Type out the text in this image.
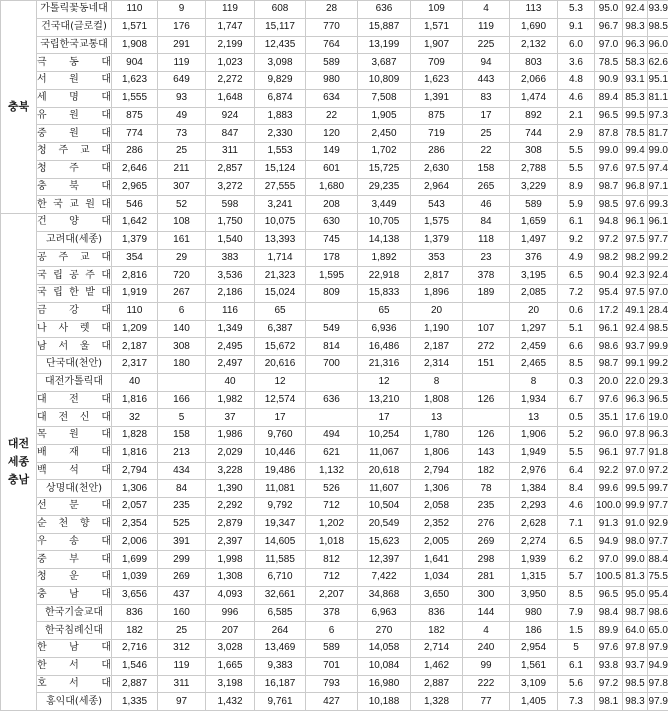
충북	가톨릭꽃동네대	110	9	119	608	28	636	109	4	113	5.3	95.0	92.4	93.9
	건국대(글로컬)	1,571	176	1,747	15,117	770	15,887	1,571	119	1,690	9.1	96.7	98.3	98.5
	국립한국교통대	1,908	291	2,199	12,435	764	13,199	1,907	225	2,132	6.0	97.0	96.3	96.0
	극 동 대	904	119	1,023	3,098	589	3,687	709	94	803	3.6	78.5	58.3	62.6
	서 원 대	1,623	649	2,272	9,829	980	10,809	1,623	443	2,066	4.8	90.9	93.1	95.1
	세 명 대	1,555	93	1,648	6,874	634	7,508	1,391	83	1,474	4.6	89.4	85.3	81.1
	유 원 대	875	49	924	1,883	22	1,905	875	17	892	2.1	96.5	99.5	97.3
	중 원 대	774	73	847	2,330	120	2,450	719	25	744	2.9	87.8	78.5	81.7
	청 주 교 대	286	25	311	1,553	149	1,702	286	22	308	5.5	99.0	99.4	99.0
	청 주 대	2,646	211	2,857	15,124	601	15,725	2,630	158	2,788	5.5	97.6	97.5	97.4
	충 북 대	2,965	307	3,272	27,555	1,680	29,235	2,964	265	3,229	8.9	98.7	96.8	97.1
	한 국 교 원 대	546	52	598	3,241	208	3,449	543	46	589	5.9	98.5	97.6	99.3

대전
세종
충남	건 양 대	1,642	108	1,750	10,075	630	10,705	1,575	84	1,659	6.1	94.8	96.1	96.1
	고려대(세종)	1,379	161	1,540	13,393	745	14,138	1,379	118	1,497	9.2	97.2	97.5	97.7
	공 주 교 대	354	29	383	1,714	178	1,892	353	23	376	4.9	98.2	98.2	99.2
	국 립 공 주 대	2,816	720	3,536	21,323	1,595	22,918	2,817	378	3,195	6.5	90.4	92.3	92.4
	국 립 한 밭 대	1,919	267	2,186	15,024	809	15,833	1,896	189	2,085	7.2	95.4	97.5	97.0
	금 강 대	110	6	116	65		65	20		20	0.6	17.2	49.1	28.4
	나 사 렛 대	1,209	140	1,349	6,387	549	6,936	1,190	107	1,297	5.1	96.1	92.4	98.5
	남 서 울 대	2,187	308	2,495	15,672	814	16,486	2,187	272	2,459	6.6	98.6	93.7	99.9
	단국대(천안)	2,317	180	2,497	20,616	700	21,316	2,314	151	2,465	8.5	98.7	99.1	99.2
	대전가톨릭대	40		40	12		12	8		8	0.3	20.0	22.0	29.3
	대 전 대	1,816	166	1,982	12,574	636	13,210	1,808	126	1,934	6.7	97.6	96.3	96.5
	대 전 신 대	32	5	37	17		17	13		13	0.5	35.1	17.6	19.0
	목 원 대	1,828	158	1,986	9,760	494	10,254	1,780	126	1,906	5.2	96.0	97.8	96.3
	배 재 대	1,816	213	2,029	10,446	621	11,067	1,806	143	1,949	5.5	96.1	97.7	91.8
	백 석 대	2,794	434	3,228	19,486	1,132	20,618	2,794	182	2,976	6.4	92.2	97.0	97.2
	상명대(천안)	1,306	84	1,390	11,081	526	11,607	1,306	78	1,384	8.4	99.6	99.5	99.7
	선 문 대	2,057	235	2,292	9,792	712	10,504	2,058	235	2,293	4.6	100.0	99.9	97.7
	순 천 향 대	2,354	525	2,879	19,347	1,202	20,549	2,352	276	2,628	7.1	91.3	91.0	92.9
	우 송 대	2,006	391	2,397	14,605	1,018	15,623	2,005	269	2,274	6.5	94.9	98.0	97.7
	중 부 대	1,699	299	1,998	11,585	812	12,397	1,641	298	1,939	6.2	97.0	99.0	88.4
	청 운 대	1,039	269	1,308	6,710	712	7,422	1,034	281	1,315	5.7	100.5	81.3	75.5
	충 남 대	3,656	437	4,093	32,661	2,207	34,868	3,650	300	3,950	8.5	96.5	95.0	95.4
	한국기술교대	836	160	996	6,585	378	6,963	836	144	980	7.9	98.4	98.7	98.6
	한국침례신대	182	25	207	264	6	270	182	4	186	1.5	89.9	64.0	65.0
	한 남 대	2,716	312	3,028	13,469	589	14,058	2,714	240	2,954	5	97.6	97.8	97.9
	한 서 대	1,546	119	1,665	9,383	701	10,084	1,462	99	1,561	6.1	93.8	93.7	94.9
	호 서 대	2,887	311	3,198	16,187	793	16,980	2,887	222	3,109	5.6	97.2	98.5	97.8
	홍익대(세종)	1,335	97	1,432	9,761	427	10,188	1,328	77	1,405	7.3	98.1	98.3	97.9
